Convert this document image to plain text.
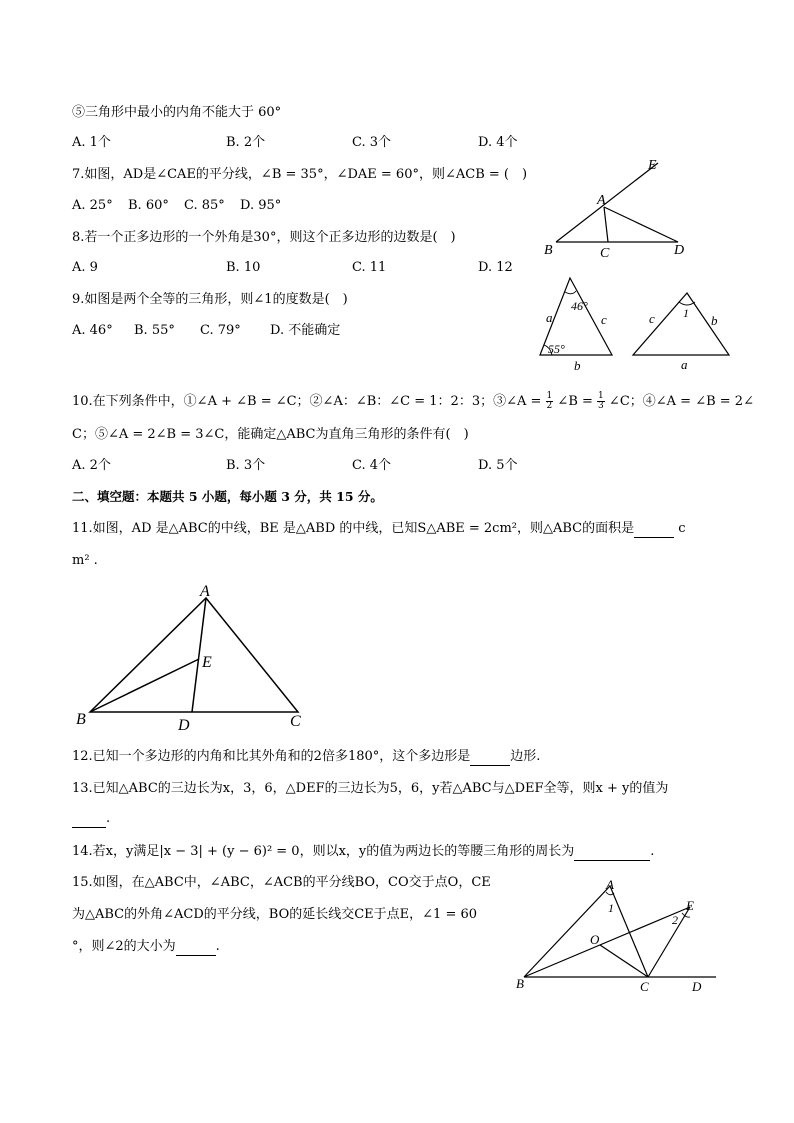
⑤三角形中最小的内角不能大于 60°
A. 1个	B. 2个	C. 3个	D. 4个
7.如图，AD是∠CAE的平分线，∠B = 35°，∠DAE = 60°，则∠ACB = (　)
A. 25° B. 60° C. 85° D. 95°
E
A
B	C	D
8.若一个正多边形的一个外角是30°，则这个正多边形的边数是(　)
A. 9	B. 10	C. 11	D. 12
9.如图是两个全等的三角形，则∠1的度数是(　)
A. 46° B. 55° C. 79° D. 不能确定
46°
a	c
55°
b
1
c	b
a
10.在下列条件中，①∠A + ∠B = ∠C；②∠A：∠B：∠C = 1：2：3；③∠A = $\frac{1}{2}$ ∠B = $\frac{1}{3}$ ∠C；④∠A = ∠B = 2∠
C；⑤∠A = 2∠B = 3∠C，能确定△ABC为直角三角形的条件有(　)
A. 2个	B. 3个	C. 4个	D. 5个
二、填空题：本题共 5 小题，每小题 3 分，共 15 分。
11.如图，AD 是△ABC的中线，BE 是△ABD 的中线，已知S△ABE = 2cm²，则△ABC的面积是	c
m² .
A
E
B	D	C
12.已知一个多边形的内角和比其外角和的2倍多180°，这个多边形是	边形.
13.已知△ABC的三边长为x，3，6，△DEF的三边长为5，6，y若△ABC与△DEF全等，则x + y的值为
.
14.若x，y满足|x − 3| + (y − 6)² = 0，则以x，y的值为两边长的等腰三角形的周长为	.
15.如图，在△ABC中，∠ABC，∠ACB的平分线BO，CO交于点O，CE
为△ABC的外角∠ACD的平分线，BO的延长线交CE于点E，∠1 = 60
°，则∠2的大小为	.
A
1	E
2
O
B	C	D
